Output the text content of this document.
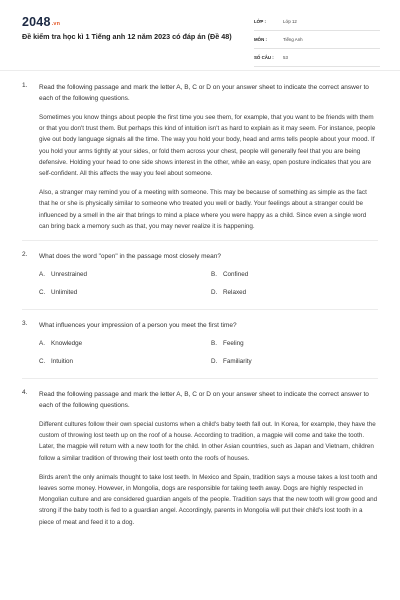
2048.vn
Đề kiểm tra học kì 1 Tiếng anh 12 năm 2023 có đáp án (Đề 48)
LỚP :	Lớp 12
MÔN :	Tiếng Anh
SỐ CÂU :	53
1. Read the following passage and mark the letter A, B, C or D on your answer sheet to indicate the correct answer to each of the following questions.

Sometimes you know things about people the first time you see them, for example, that you want to be friends with them or that you don't trust them. But perhaps this kind of intuition isn't as hard to explain as it may seem. For instance, people give out body language signals all the time. The way you hold your body, head and arms tells people about your mood. If you hold your arms tightly at your sides, or fold them across your chest, people will generally feel that you are being defensive. Holding your head to one side shows interest in the other, while an easy, open posture indicates that you are self-confident. All this affects the way you feel about someone.

Also, a stranger may remind you of a meeting with someone. This may be because of something as simple as the fact that he or she is physically similar to someone who treated you well or badly. Your feelings about a stranger could be influenced by a smell in the air that brings to mind a place where you were happy as a child. Since even a single word can bring back a memory such as that, you may never realize it is happening.

2. What does the word "open" in the passage most closely mean?
A. Unrestrained	B. Confined
C. Unlimited	D. Relaxed
3. What influences your impression of a person you meet the first time?
A. Knowledge	B. Feeling
C. Intuition	D. Familiarity
4. Read the following passage and mark the letter A, B, C or D on your answer sheet to indicate the correct answer to each of the following questions.

Different cultures follow their own special customs when a child's baby teeth fall out. In Korea, for example, they have the custom of throwing lost teeth up on the roof of a house. According to tradition, a magpie will come and take the tooth. Later, the magpie will return with a new tooth for the child. In other Asian countries, such as Japan and Vietnam, children follow a similar tradition of throwing their lost teeth onto the roofs of houses.

Birds aren't the only animals thought to take lost teeth. In Mexico and Spain, tradition says a mouse takes a lost tooth and leaves some money. However, in Mongolia, dogs are responsible for taking teeth away. Dogs are highly respected in Mongolian culture and are considered guardian angels of the people. Tradition says that the new tooth will grow good and strong if the baby tooth is fed to a guardian angel. Accordingly, parents in Mongolia will put their child's lost tooth in a piece of meat and feed it to a dog.
